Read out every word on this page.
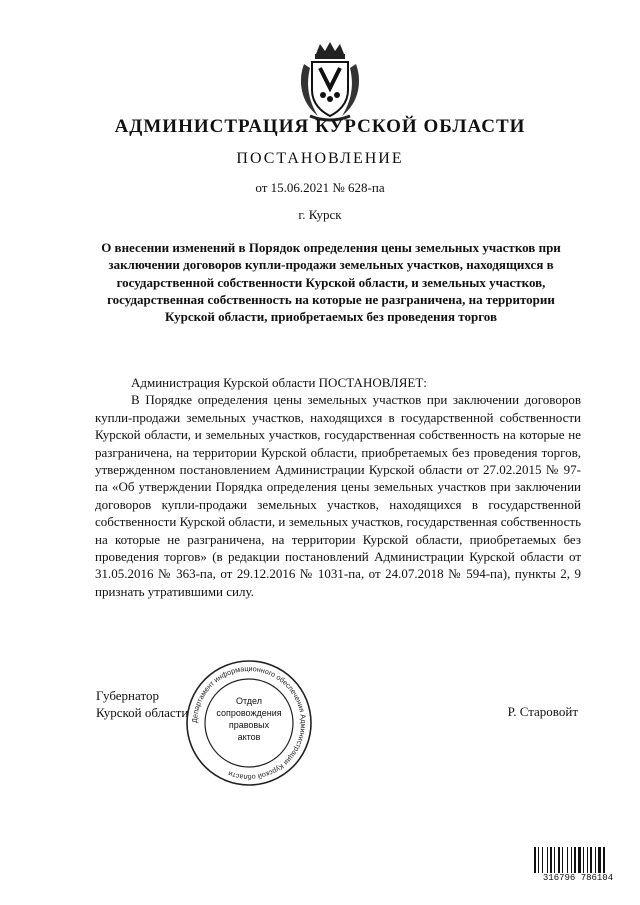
АДМИНИСТРАЦИЯ КУРСКОЙ ОБЛАСТИ
ПОСТАНОВЛЕНИЕ
от 15.06.2021 № 628-па
г. Курск
О внесении изменений в Порядок определения цены земельных участков при заключении договоров купли-продажи земельных участков, находящихся в государственной собственности Курской области, и земельных участков, государственная собственность на которые не разграничена, на территории Курской области, приобретаемых без проведения торгов

Администрация Курской области ПОСТАНОВЛЯЕТ:

В Порядке определения цены земельных участков при заключении договоров купли-продажи земельных участков, находящихся в государственной собственности Курской области, и земельных участков, государственная собственность на которые не разграничена, на территории Курской области, приобретаемых без проведения торгов, утвержденном постановлением Администрации Курской области от 27.02.2015 № 97-па «Об утверждении Порядка определения цены земельных участков при заключении договоров купли-продажи земельных участков, находящихся в государственной собственности Курской области, и земельных участков, государственная собственность на которые не разграничена, на территории Курской области, приобретаемых без проведения торгов» (в редакции постановлений Администрации Курской области от 31.05.2016 № 363-па, от 29.12.2016 № 1031-па, от 24.07.2018 № 594-па), пункты 2, 9 признать утратившими силу.

Губернатор
Курской области	Р. Старовойт
Департамент информационного обеспечения Администрации Курской области
Отдел
сопровождения
правовых
актов
316796 786104
